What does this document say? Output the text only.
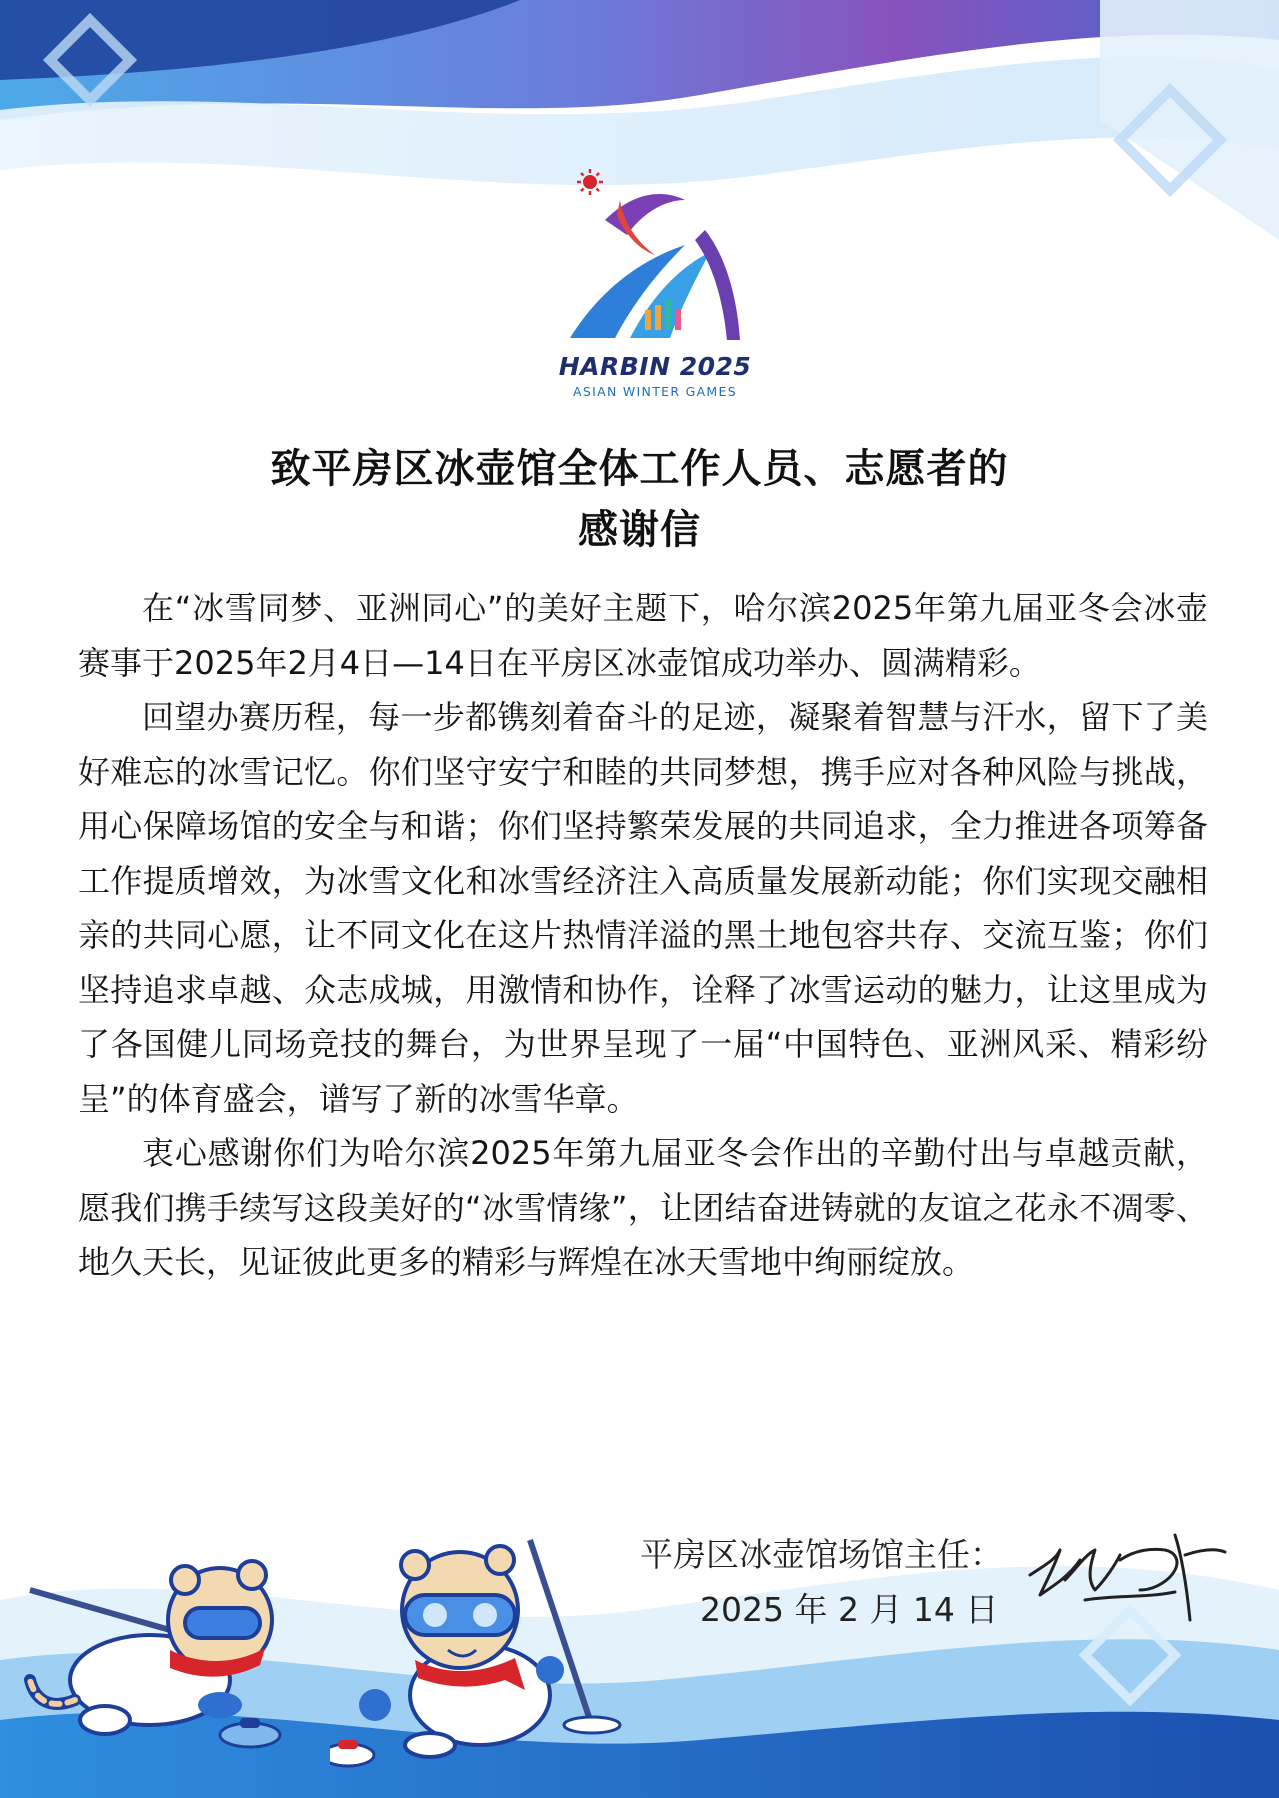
HARBIN 2025
ASIAN WINTER GAMES
致平房区冰壶馆全体工作人员、志愿者的
感谢信

在“冰雪同梦、亚洲同心”的美好主题下，哈尔滨2025年第九届亚冬会冰壶赛事于2025年2月4日—14日在平房区冰壶馆成功举办、圆满精彩。

回望办赛历程，每一步都镌刻着奋斗的足迹，凝聚着智慧与汗水，留下了美好难忘的冰雪记忆。你们坚守安宁和睦的共同梦想，携手应对各种风险与挑战，用心保障场馆的安全与和谐；你们坚持繁荣发展的共同追求，全力推进各项筹备工作提质增效，为冰雪文化和冰雪经济注入高质量发展新动能；你们实现交融相亲的共同心愿，让不同文化在这片热情洋溢的黑土地包容共存、交流互鉴；你们坚持追求卓越、众志成城，用激情和协作，诠释了冰雪运动的魅力，让这里成为了各国健儿同场竞技的舞台，为世界呈现了一届“中国特色、亚洲风采、精彩纷呈”的体育盛会，谱写了新的冰雪华章。

衷心感谢你们为哈尔滨2025年第九届亚冬会作出的辛勤付出与卓越贡献，愿我们携手续写这段美好的“冰雪情缘”，让团结奋进铸就的友谊之花永不凋零、地久天长，见证彼此更多的精彩与辉煌在冰天雪地中绚丽绽放。

平房区冰壶馆场馆主任：
2025 年 2 月 14 日
